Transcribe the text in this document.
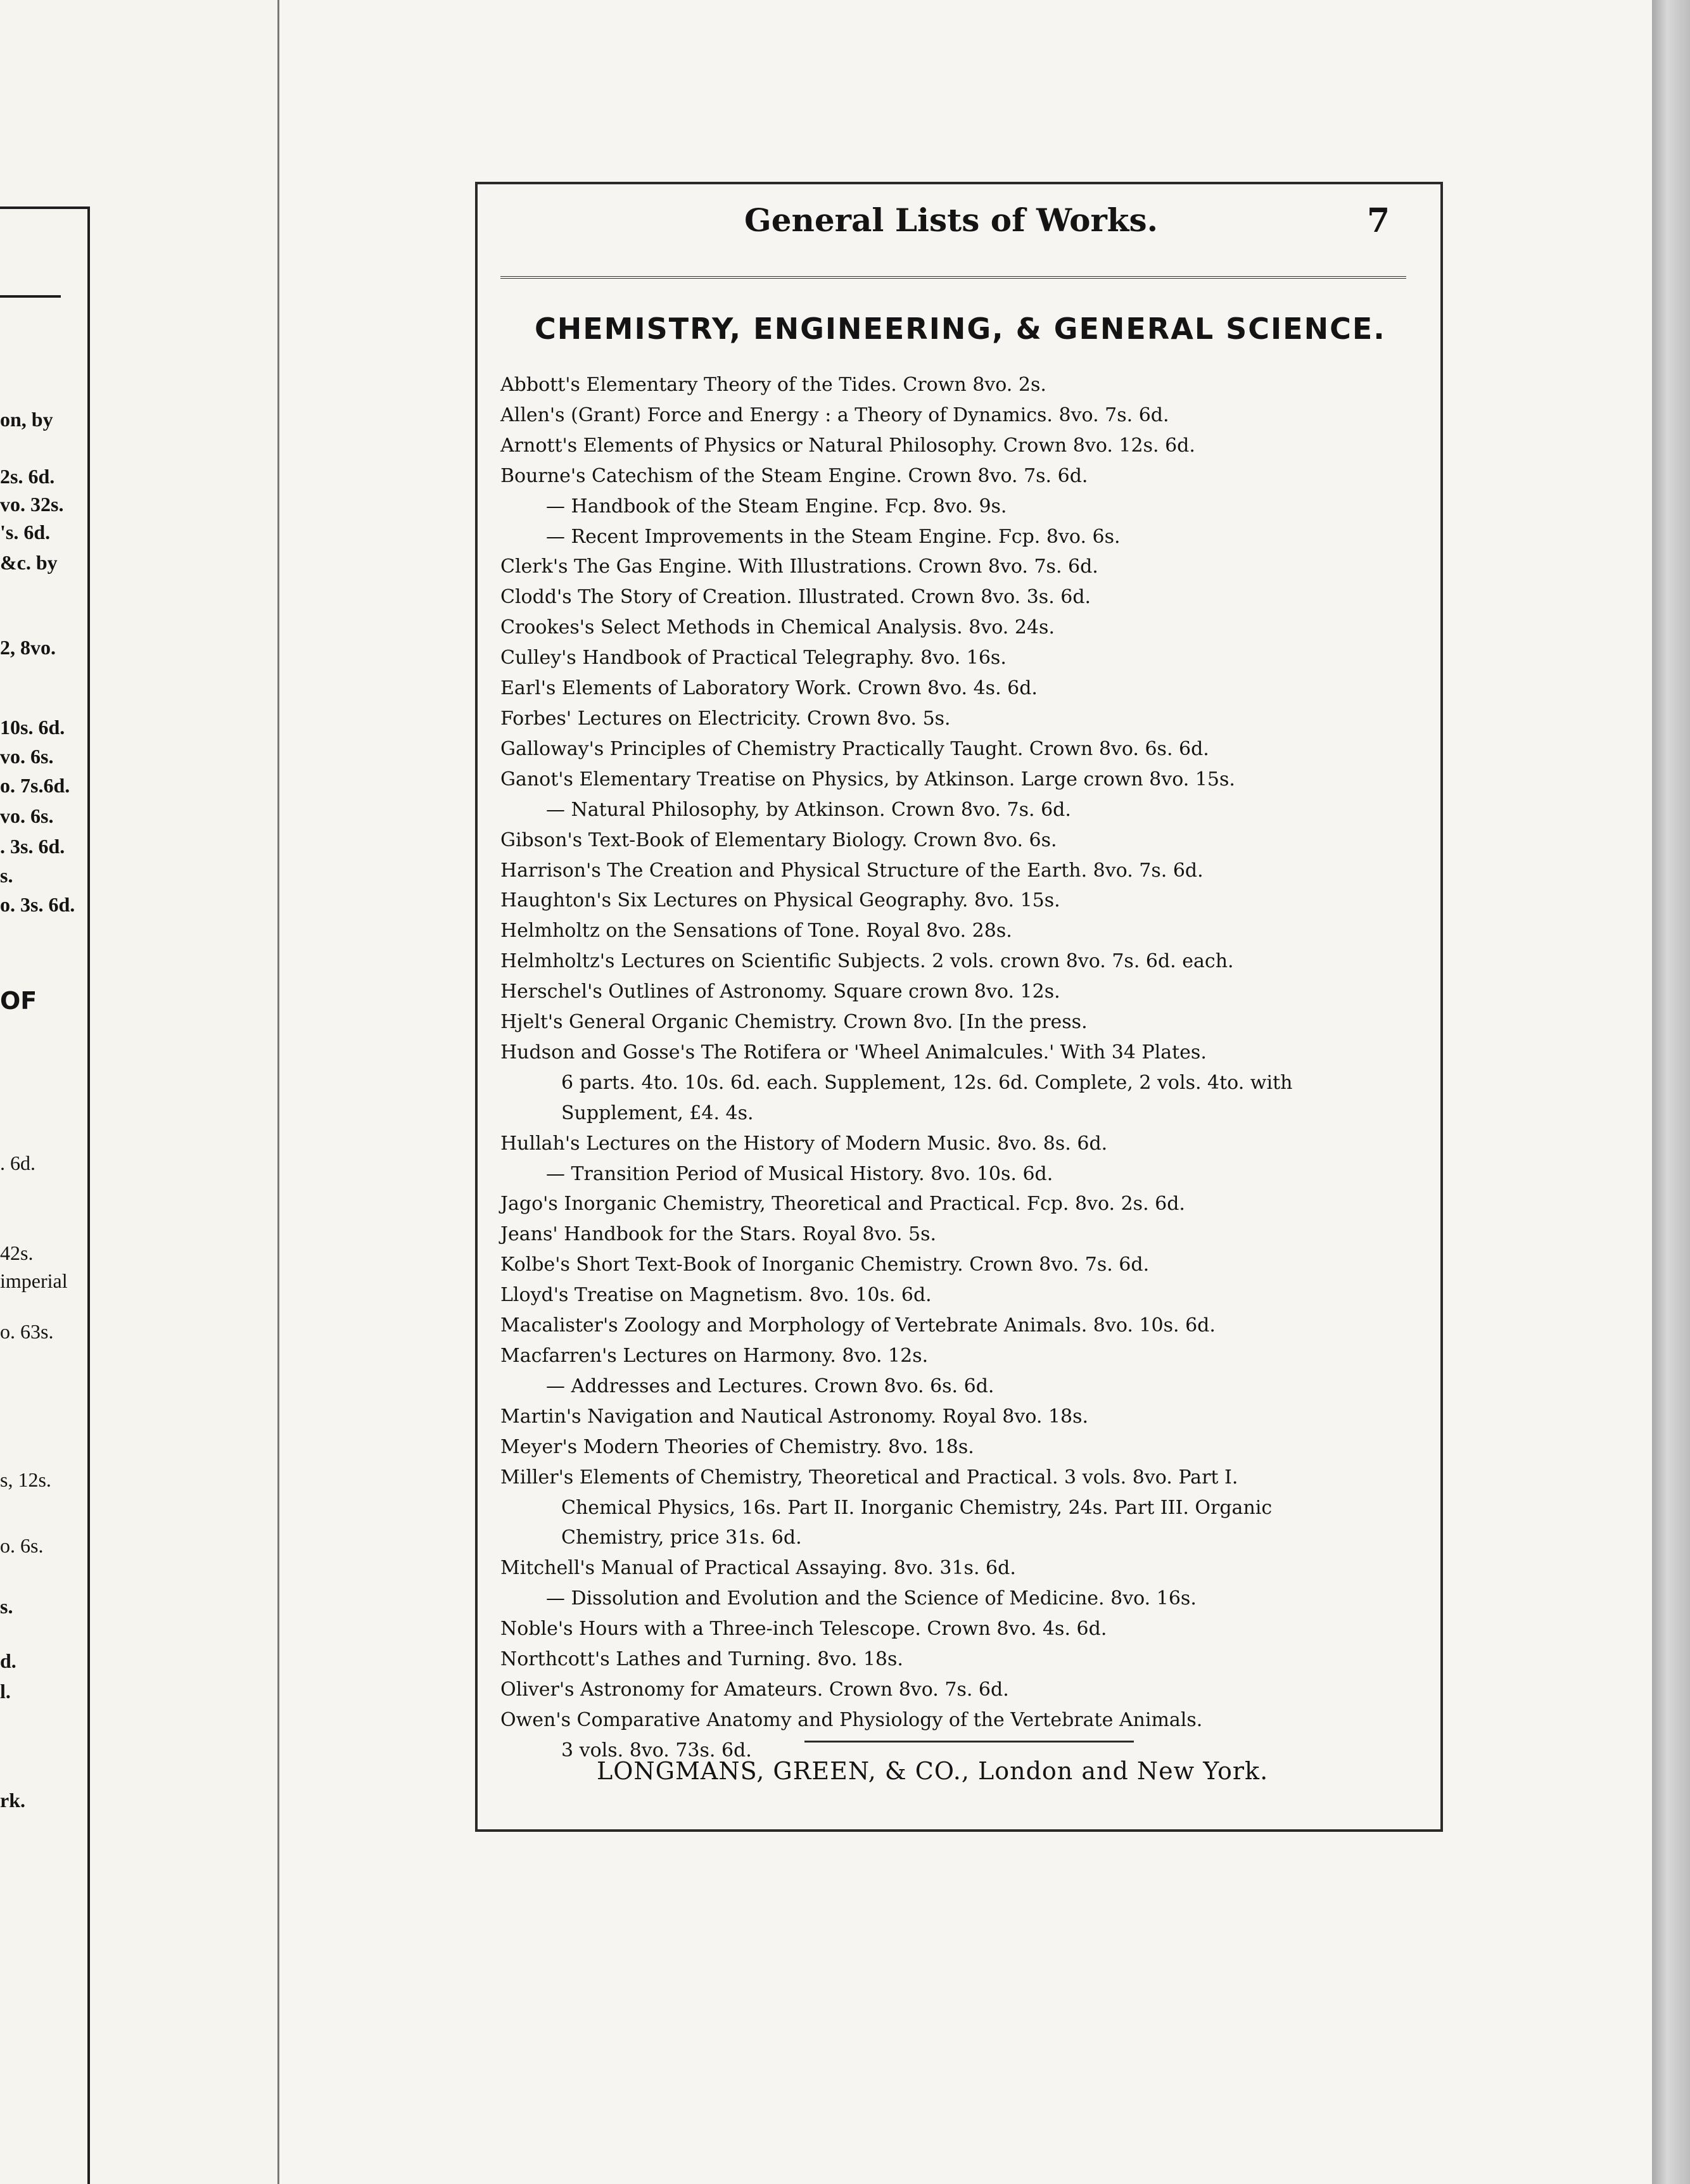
on, by
2s. 6d.
vo. 32s.
's. 6d.
&c. by
2, 8vo.
10s. 6d.
vo. 6s.
o. 7s.6d.
vo. 6s.
. 3s. 6d.
s.
o. 3s. 6d.
OF
. 6d.
42s.
imperial
o. 63s.
s, 12s.
o. 6s.
s.
d.
l.
rk.
General Lists of Works.	7
CHEMISTRY, ENGINEERING, & GENERAL SCIENCE.
Abbott's Elementary Theory of the Tides. Crown 8vo. 2s.
Allen's (Grant) Force and Energy : a Theory of Dynamics. 8vo. 7s. 6d.
Arnott's Elements of Physics or Natural Philosophy. Crown 8vo. 12s. 6d.
Bourne's Catechism of the Steam Engine. Crown 8vo. 7s. 6d.
— Handbook of the Steam Engine. Fcp. 8vo. 9s.
— Recent Improvements in the Steam Engine. Fcp. 8vo. 6s.
Clerk's The Gas Engine. With Illustrations. Crown 8vo. 7s. 6d.
Clodd's The Story of Creation. Illustrated. Crown 8vo. 3s. 6d.
Crookes's Select Methods in Chemical Analysis. 8vo. 24s.
Culley's Handbook of Practical Telegraphy. 8vo. 16s.
Earl's Elements of Laboratory Work. Crown 8vo. 4s. 6d.
Forbes' Lectures on Electricity. Crown 8vo. 5s.
Galloway's Principles of Chemistry Practically Taught. Crown 8vo. 6s. 6d.
Ganot's Elementary Treatise on Physics, by Atkinson. Large crown 8vo. 15s.
— Natural Philosophy, by Atkinson. Crown 8vo. 7s. 6d.
Gibson's Text-Book of Elementary Biology. Crown 8vo. 6s.
Harrison's The Creation and Physical Structure of the Earth. 8vo. 7s. 6d.
Haughton's Six Lectures on Physical Geography. 8vo. 15s.
Helmholtz on the Sensations of Tone. Royal 8vo. 28s.
Helmholtz's Lectures on Scientific Subjects. 2 vols. crown 8vo. 7s. 6d. each.
Herschel's Outlines of Astronomy. Square crown 8vo. 12s.
Hjelt's General Organic Chemistry. Crown 8vo. [In the press.
Hudson and Gosse's The Rotifera or 'Wheel Animalcules.' With 34 Plates.
6 parts. 4to. 10s. 6d. each. Supplement, 12s. 6d. Complete, 2 vols. 4to. with
Supplement, £4. 4s.
Hullah's Lectures on the History of Modern Music. 8vo. 8s. 6d.
— Transition Period of Musical History. 8vo. 10s. 6d.
Jago's Inorganic Chemistry, Theoretical and Practical. Fcp. 8vo. 2s. 6d.
Jeans' Handbook for the Stars. Royal 8vo. 5s.
Kolbe's Short Text-Book of Inorganic Chemistry. Crown 8vo. 7s. 6d.
Lloyd's Treatise on Magnetism. 8vo. 10s. 6d.
Macalister's Zoology and Morphology of Vertebrate Animals. 8vo. 10s. 6d.
Macfarren's Lectures on Harmony. 8vo. 12s.
— Addresses and Lectures. Crown 8vo. 6s. 6d.
Martin's Navigation and Nautical Astronomy. Royal 8vo. 18s.
Meyer's Modern Theories of Chemistry. 8vo. 18s.
Miller's Elements of Chemistry, Theoretical and Practical. 3 vols. 8vo. Part I.
Chemical Physics, 16s. Part II. Inorganic Chemistry, 24s. Part III. Organic
Chemistry, price 31s. 6d.
Mitchell's Manual of Practical Assaying. 8vo. 31s. 6d.
— Dissolution and Evolution and the Science of Medicine. 8vo. 16s.
Noble's Hours with a Three-inch Telescope. Crown 8vo. 4s. 6d.
Northcott's Lathes and Turning. 8vo. 18s.
Oliver's Astronomy for Amateurs. Crown 8vo. 7s. 6d.
Owen's Comparative Anatomy and Physiology of the Vertebrate Animals.
3 vols. 8vo. 73s. 6d.
LONGMANS, GREEN, & CO., London and New York.
